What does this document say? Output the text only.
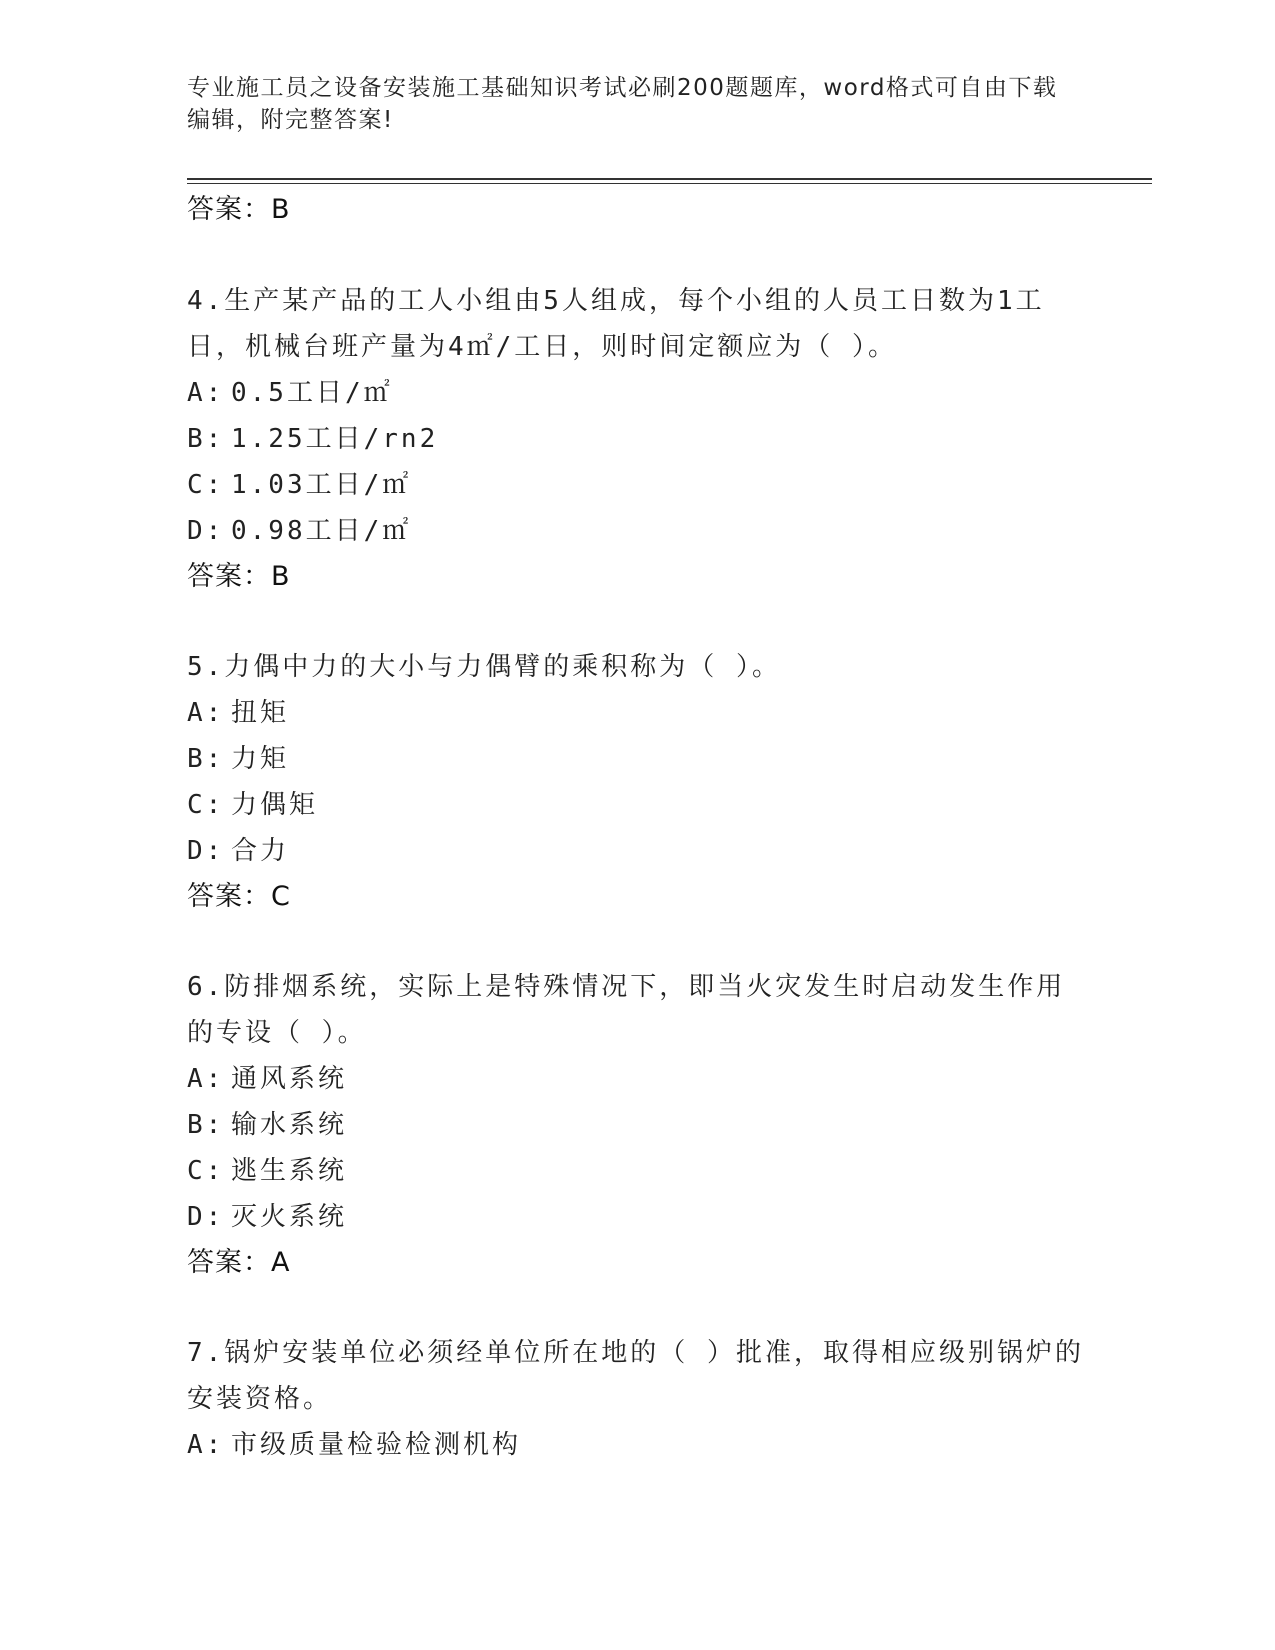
专业施工员之设备安装施工基础知识考试必刷200题题库，word格式可自由下载编辑，附完整答案!
答案：B
4.生产某产品的工人小组由5人组成，每个小组的人员工日数为1工日，机械台班产量为4㎡/工日，则时间定额应为（ ）。
A: 0.5工日/㎡
B: 1.25工日/rn2
C: 1.03工日/㎡
D: 0.98工日/㎡
答案：B
5.力偶中力的大小与力偶臂的乘积称为（ ）。
A: 扭矩
B: 力矩
C: 力偶矩
D: 合力
答案：C
6.防排烟系统，实际上是特殊情况下，即当火灾发生时启动发生作用的专设（ ）。
A: 通风系统
B: 输水系统
C: 逃生系统
D: 灭火系统
答案：A
7.锅炉安装单位必须经单位所在地的（ ）批准，取得相应级别锅炉的安装资格。
A: 市级质量检验检测机构
